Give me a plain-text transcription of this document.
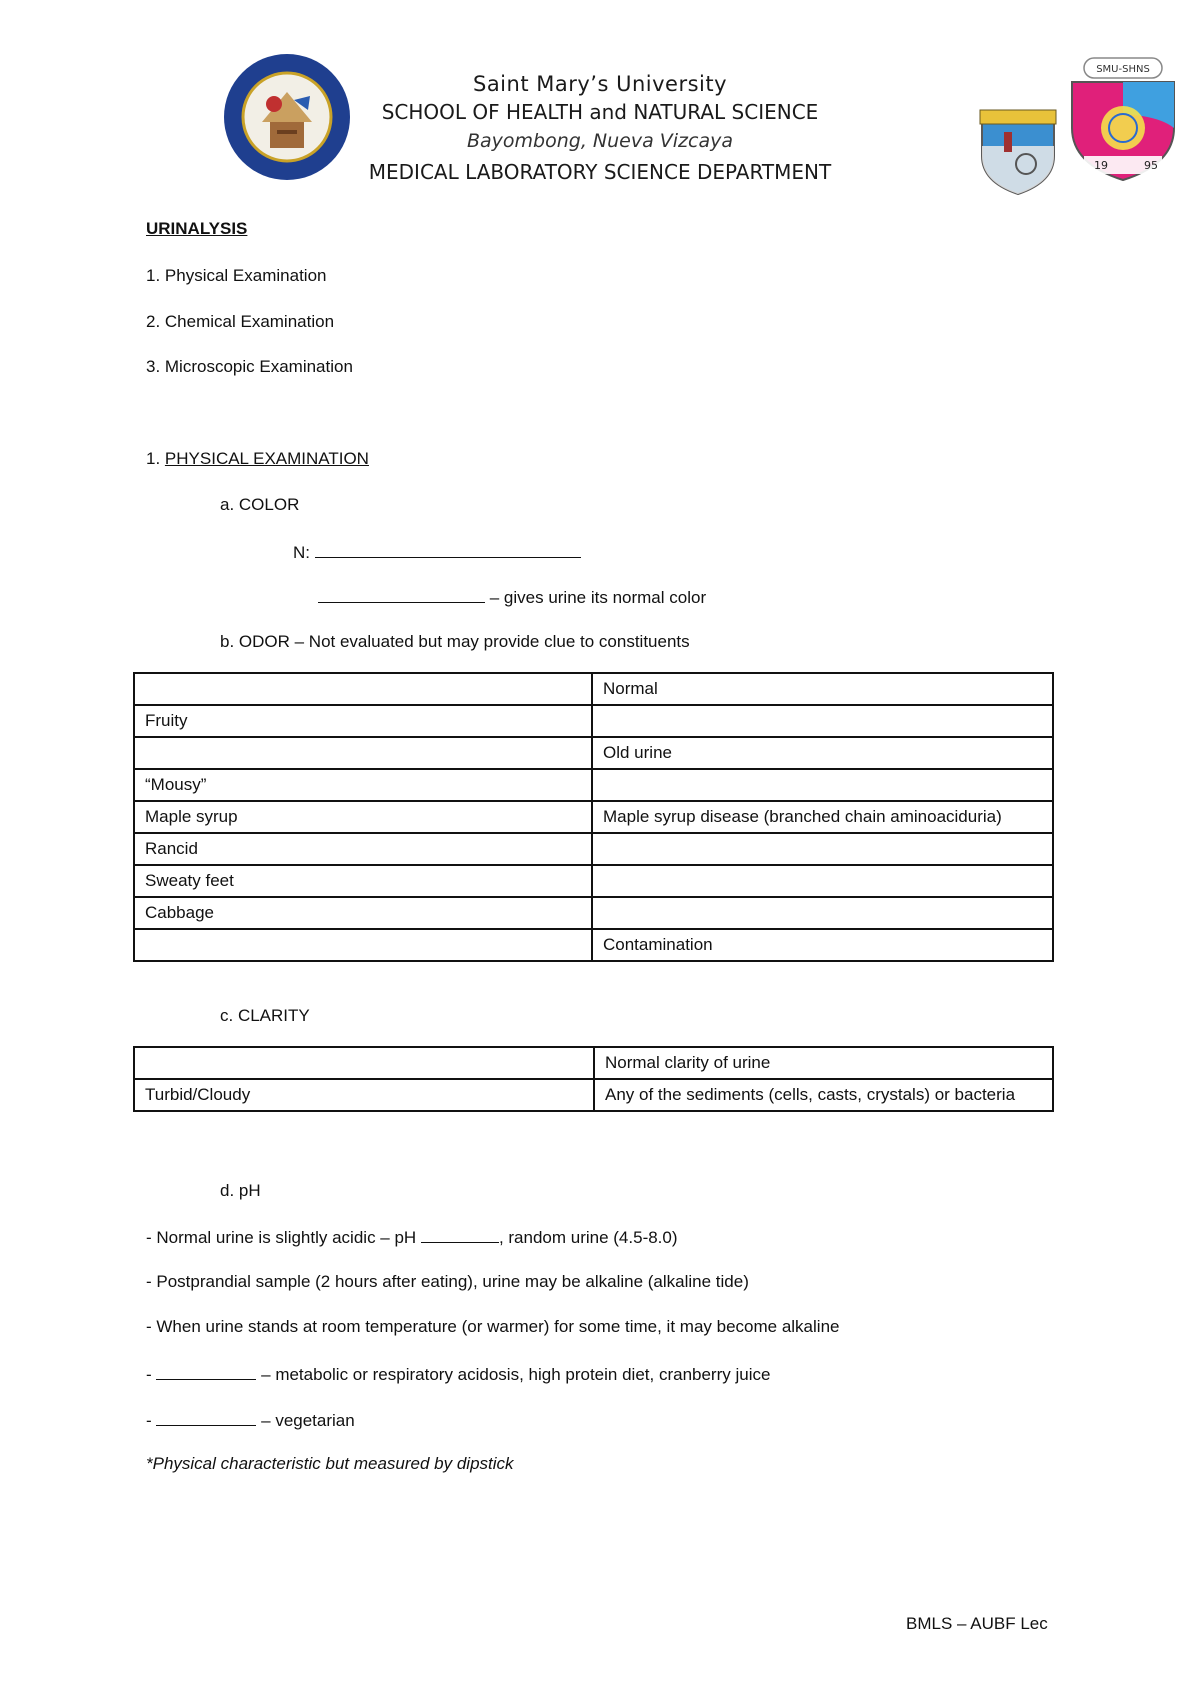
Saint Mary’s University
SCHOOL OF HEALTH and NATURAL SCIENCE
Bayombong, Nueva Vizcaya
MEDICAL LABORATORY SCIENCE DEPARTMENT
SMU-SHNS
19	95
URINALYSIS
1. Physical Examination
2. Chemical Examination
3. Microscopic Examination
1. PHYSICAL EXAMINATION
a. COLOR
N:
– gives urine its normal color
b. ODOR – Not evaluated but may provide clue to constituents
	Normal
Fruity	
	Old urine
“Mousy”	
Maple syrup	Maple syrup disease (branched chain aminoaciduria)
Rancid	
Sweaty feet	
Cabbage	
	Contamination
c. CLARITY
	Normal clarity of urine
Turbid/Cloudy	Any of the sediments (cells, casts, crystals) or bacteria
d. pH
- Normal urine is slightly acidic – pH	, random urine (4.5-8.0)
- Postprandial sample (2 hours after eating), urine may be alkaline (alkaline tide)
- When urine stands at room temperature (or warmer) for some time, it may become alkaline
-	– metabolic or respiratory acidosis, high protein diet, cranberry juice
-	– vegetarian
*Physical characteristic but measured by dipstick
BMLS – AUBF Lec
